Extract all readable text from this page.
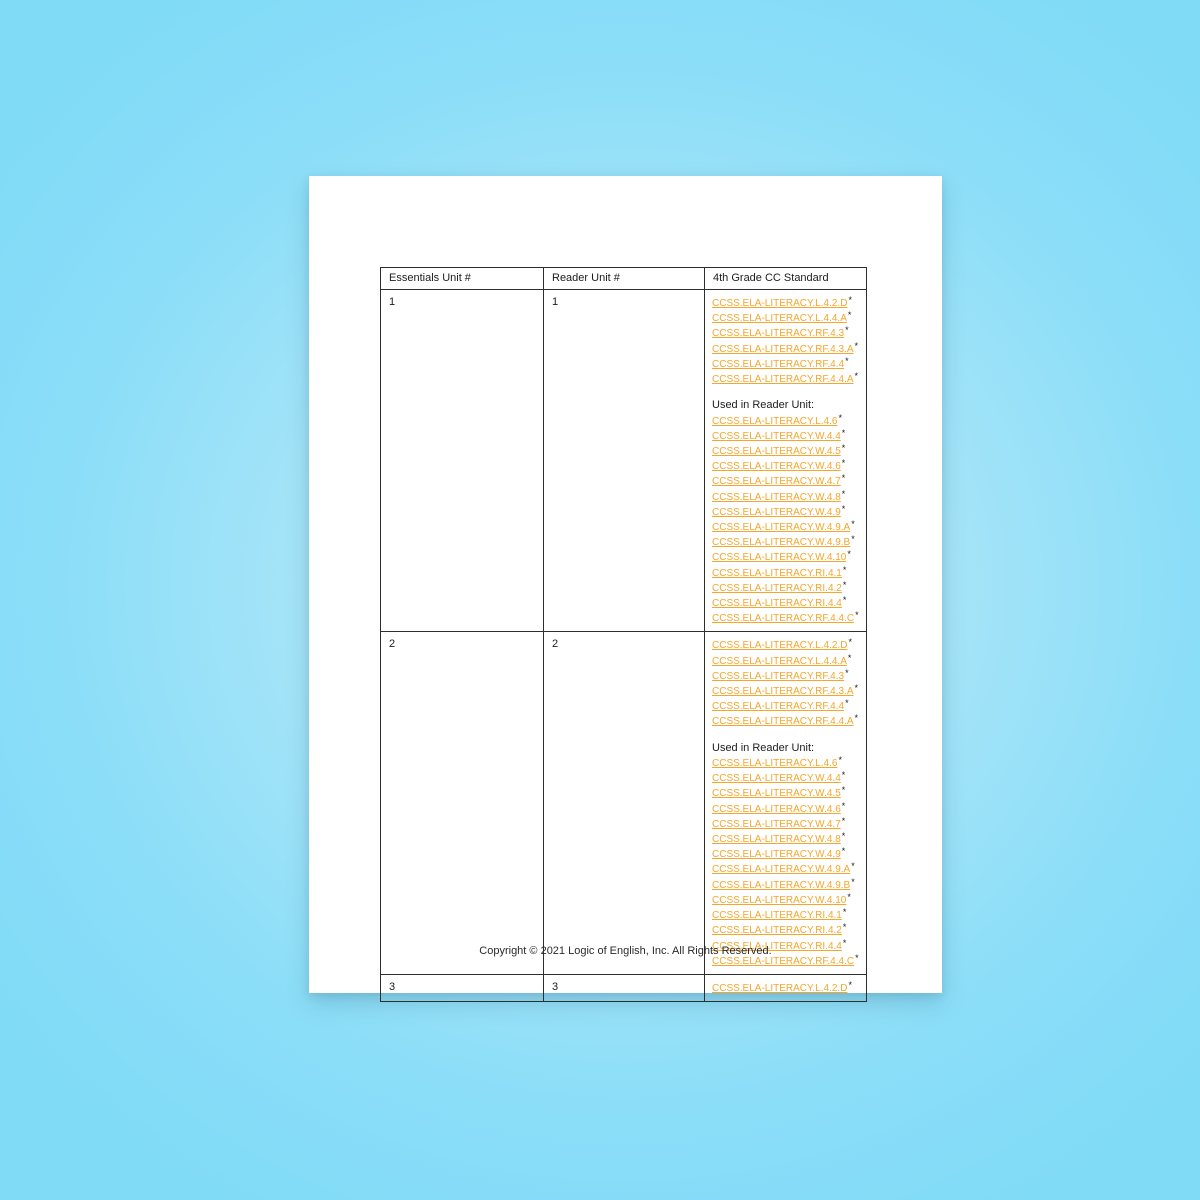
Essentials Unit #	Reader Unit #	4th Grade CC Standard
1	1	CCSS.ELA-LITERACY.L.4.2.D*
CCSS.ELA-LITERACY.L.4.4.A*
CCSS.ELA-LITERACY.RF.4.3*
CCSS.ELA-LITERACY.RF.4.3.A*
CCSS.ELA-LITERACY.RF.4.4*
CCSS.ELA-LITERACY.RF.4.4.A*
Used in Reader Unit:
CCSS.ELA-LITERACY.L.4.6*
CCSS.ELA-LITERACY.W.4.4*
CCSS.ELA-LITERACY.W.4.5*
CCSS.ELA-LITERACY.W.4.6*
CCSS.ELA-LITERACY.W.4.7*
CCSS.ELA-LITERACY.W.4.8*
CCSS.ELA-LITERACY.W.4.9*
CCSS.ELA-LITERACY.W.4.9.A*
CCSS.ELA-LITERACY.W.4.9.B*
CCSS.ELA-LITERACY.W.4.10*
CCSS.ELA-LITERACY.RI.4.1*
CCSS.ELA-LITERACY.RI.4.2*
CCSS.ELA-LITERACY.RI.4.4*
CCSS.ELA-LITERACY.RF.4.4.C*

2	2	CCSS.ELA-LITERACY.L.4.2.D*
CCSS.ELA-LITERACY.L.4.4.A*
CCSS.ELA-LITERACY.RF.4.3*
CCSS.ELA-LITERACY.RF.4.3.A*
CCSS.ELA-LITERACY.RF.4.4*
CCSS.ELA-LITERACY.RF.4.4.A*
Used in Reader Unit:
CCSS.ELA-LITERACY.L.4.6*
CCSS.ELA-LITERACY.W.4.4*
CCSS.ELA-LITERACY.W.4.5*
CCSS.ELA-LITERACY.W.4.6*
CCSS.ELA-LITERACY.W.4.7*
CCSS.ELA-LITERACY.W.4.8*
CCSS.ELA-LITERACY.W.4.9*
CCSS.ELA-LITERACY.W.4.9.A*
CCSS.ELA-LITERACY.W.4.9.B*
CCSS.ELA-LITERACY.W.4.10*
CCSS.ELA-LITERACY.RI.4.1*
CCSS.ELA-LITERACY.RI.4.2*
CCSS.ELA-LITERACY.RI.4.4*
CCSS.ELA-LITERACY.RF.4.4.C*

3	3	CCSS.ELA-LITERACY.L.4.2.D*
Copyright © 2021 Logic of English, Inc. All Rights Reserved.
